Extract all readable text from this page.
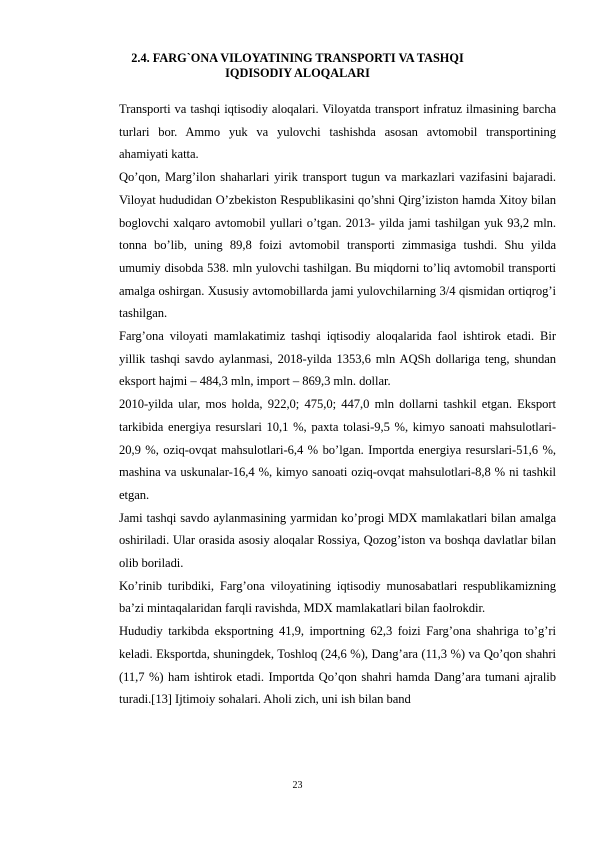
2.4. FARG`ONA VILOYATINING TRANSPORTI VA TASHQI
IQDISODIY ALOQALARI

Transporti va tashqi iqtisodiy aloqalari. Viloyatda transport infratuz ilmasining barcha turlari bor. Ammo yuk va yulovchi tashishda asosan avtomobil transportining ahamiyati katta.

Qo’qon, Marg’ilon shaharlari yirik transport tugun va markazlari vazifasini bajaradi. Viloyat hududidan O’zbekiston Respublikasini qo’shni Qirg’iziston hamda Xitoy bilan boglovchi xalqaro avtomobil yullari o’tgan. 2013- yilda jami tashilgan yuk 93,2 mln. tonna bo’lib, uning 89,8 foizi avtomobil transporti zimmasiga tushdi. Shu yilda umumiy disobda 538. mln yulovchi tashilgan. Bu miqdorni to’liq avtomobil transporti amalga oshirgan. Xususiy avtomobillarda jami yulovchilarning 3/4 qismidan ortiqrog’i tashilgan.

Farg’ona viloyati mamlakatimiz tashqi iqtisodiy aloqalarida faol ishtirok etadi. Bir yillik tashqi savdo aylanmasi, 2018-yilda 1353,6 mln AQSh dollariga teng, shundan eksport hajmi – 484,3 mln, import – 869,3 mln. dollar.

2010-yilda ular, mos holda, 922,0; 475,0; 447,0 mln dollarni tashkil etgan. Eksport tarkibida energiya resurslari 10,1 %, paxta tolasi-9,5 %, kimyo sanoati mahsulotlari-20,9 %, oziq-ovqat mahsulotlari-6,4 % bo’lgan. Importda energiya resurslari-51,6 %, mashina va uskunalar-16,4 %, kimyo sanoati oziq-ovqat mahsulotlari-8,8 % ni tashkil etgan.

Jami tashqi savdo aylanmasining yarmidan ko’progi MDX mamlakatlari bilan amalga oshiriladi. Ular orasida asosiy aloqalar Rossiya, Qozog’iston va boshqa davlatlar bilan olib boriladi.

Ko’rinib turibdiki, Farg’ona viloyatining iqtisodiy munosabatlari respublikamizning ba’zi mintaqalaridan farqli ravishda, MDX mamlakatlari bilan faolrokdir.

Hududiy tarkibda eksportning 41,9, importning 62,3 foizi Farg’ona shahriga to’g’ri keladi. Eksportda, shuningdek, Toshloq (24,6 %), Dang’ara (11,3 %) va Qo’qon shahri (11,7 %) ham ishtirok etadi. Importda Qo’qon shahri hamda Dang’ara tumani ajralib turadi.[13] Ijtimoiy sohalari. Aholi zich, uni ish bilan band

23
